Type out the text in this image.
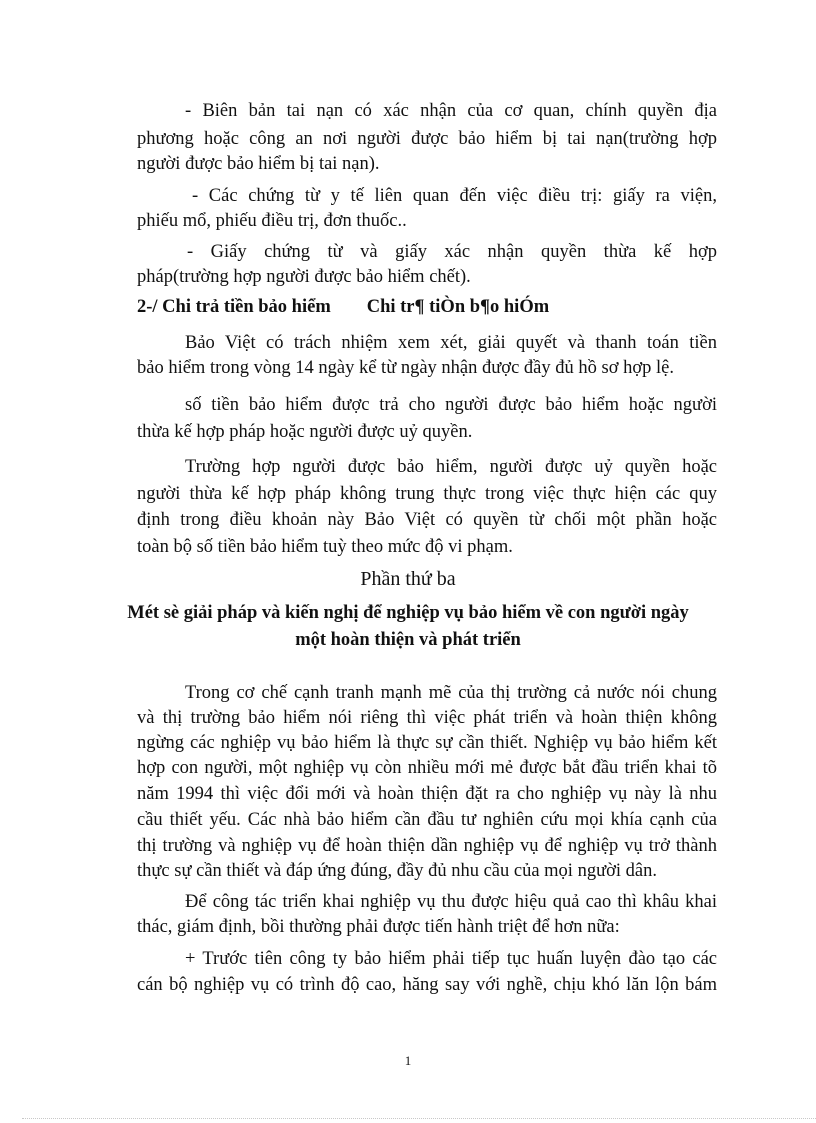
- Biên bản tai nạn có xác nhận của cơ quan, chính quyền địa
phương hoặc công an nơi người được bảo hiểm bị tai nạn(trường hợp
người được bảo hiểm bị tai nạn).
- Các chứng từ y tế liên quan đến việc điều trị: giấy ra viện,
phiếu mổ, phiếu điều trị, đơn thuốc..
- Giấy chứng từ và giấy xác nhận quyền thừa kế hợp
pháp(trường hợp người được bảo hiểm chết).
2-/ Chi trả tiền bảo hiểm Chi tr¶ tiÒn b¶o hiÓm
Bảo Việt có trách nhiệm xem xét, giải quyết và thanh toán tiền
bảo hiểm trong vòng 14 ngày kể từ ngày nhận được đầy đủ hồ sơ hợp lệ.
số tiền bảo hiểm được trả cho người được bảo hiểm hoặc người
thừa kế hợp pháp hoặc người được uỷ quyền.
Trường hợp người được bảo hiểm, người được uỷ quyền hoặc
người thừa kế hợp pháp không trung thực trong việc thực hiện các quy
định trong điều khoản này Bảo Việt có quyền từ chối một phần hoặc
toàn bộ số tiền bảo hiểm tuỳ theo mức độ vi phạm.
Phần thứ ba
Mét sè giải pháp và kiến nghị để nghiệp vụ bảo hiểm về con người ngày
một hoàn thiện và phát triển
Trong cơ chế cạnh tranh mạnh mẽ của thị trường cả nước nói chung
và thị trường bảo hiểm nói riêng thì việc phát triển và hoàn thiện không
ngừng các nghiệp vụ bảo hiểm là thực sự cần thiết. Nghiệp vụ bảo hiểm kết
hợp con người, một nghiệp vụ còn nhiều mới mẻ được bắt đầu triển khai tõ
năm 1994 thì việc đổi mới và hoàn thiện đặt ra cho nghiệp vụ này là nhu
cầu thiết yếu. Các nhà bảo hiểm cần đầu tư nghiên cứu mọi khía cạnh của
thị trường và nghiệp vụ để hoàn thiện dần nghiệp vụ để nghiệp vụ trở thành
thực sự cần thiết và đáp ứng đúng, đầy đủ nhu cầu của mọi người dân.
Để công tác triển khai nghiệp vụ thu được hiệu quả cao thì khâu khai
thác, giám định, bồi thường phải được tiến hành triệt để hơn nữa:
+ Trước tiên công ty bảo hiểm phải tiếp tục huấn luyện đào tạo các
cán bộ nghiệp vụ có trình độ cao, hăng say với nghề, chịu khó lăn lộn bám
1
